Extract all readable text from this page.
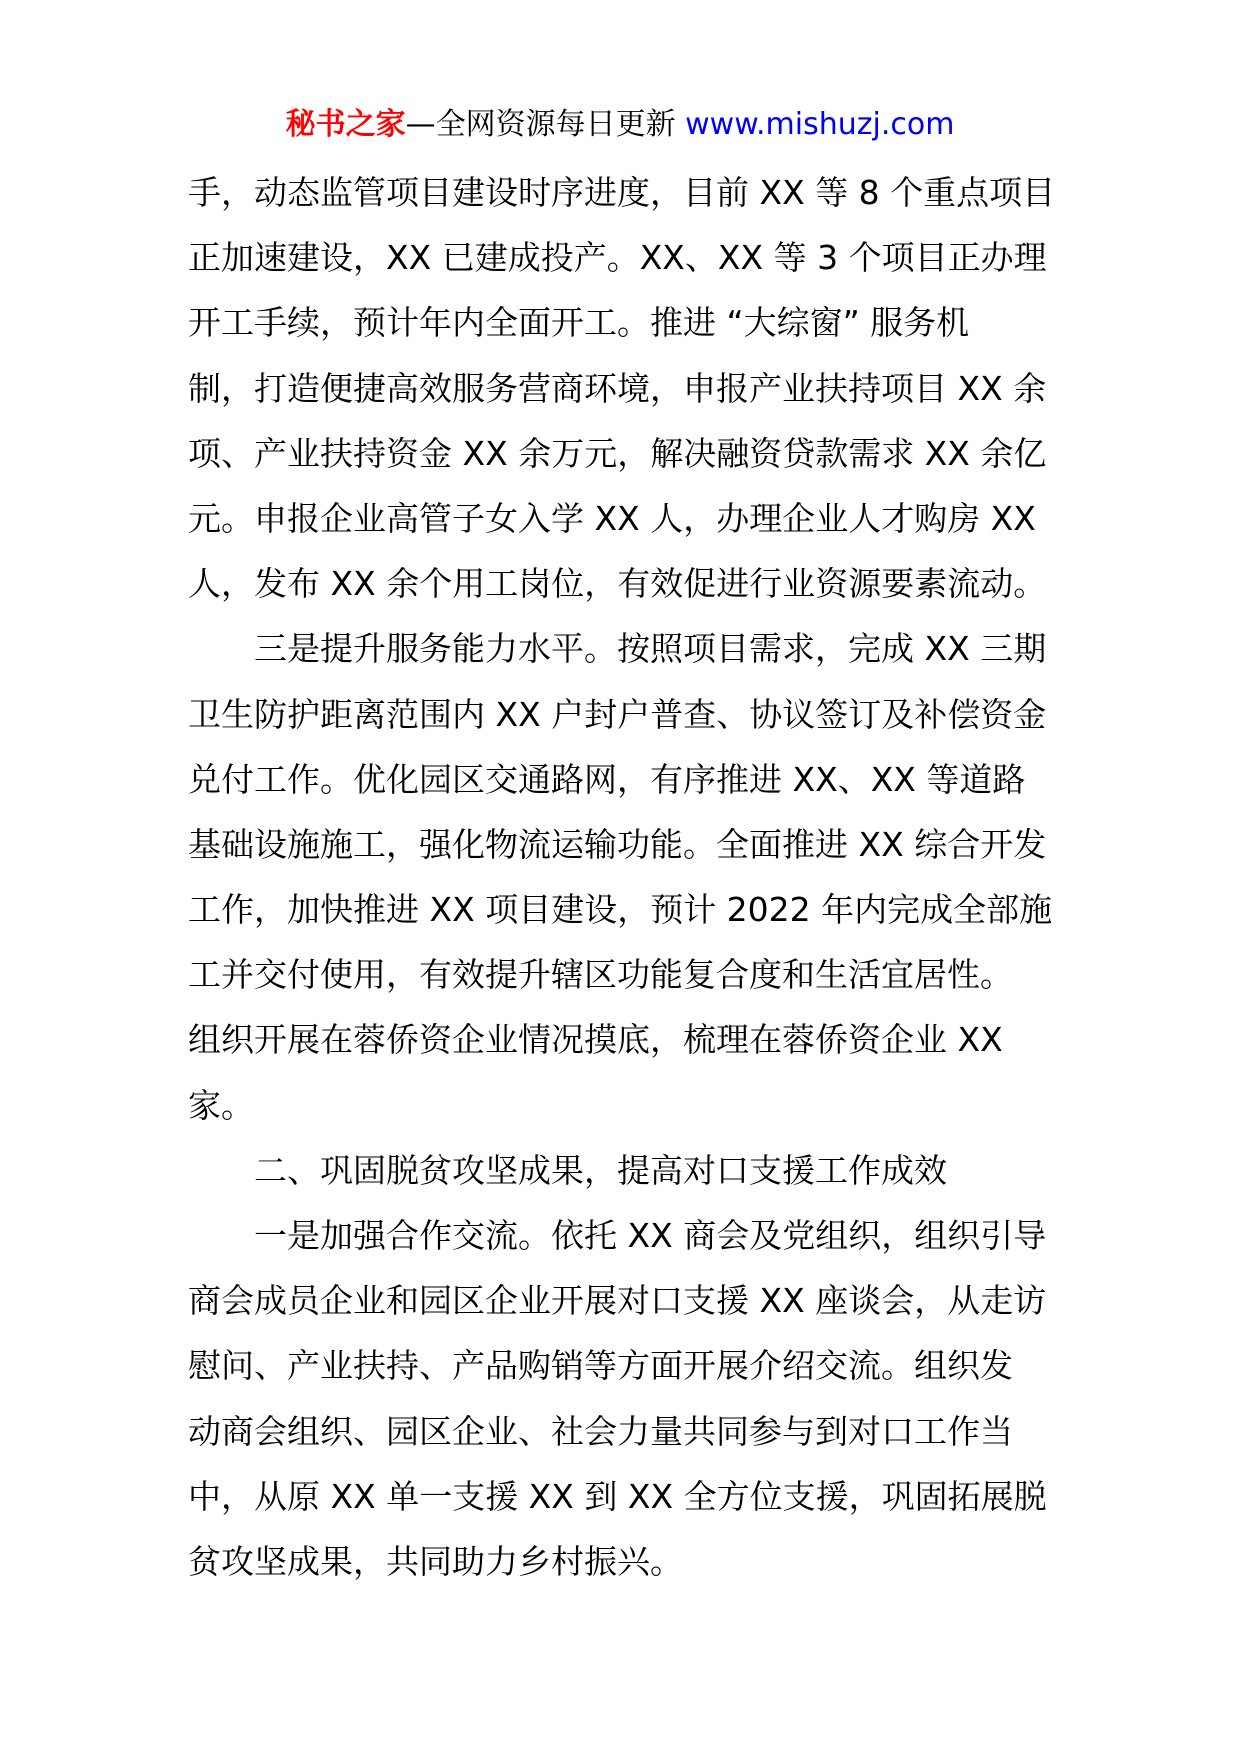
秘书之家—全网资源每日更新 www.mishuzj.com
手，动态监管项目建设时序进度，目前 XX 等 8 个重点项目
正加速建设，XX 已建成投产。XX、XX 等 3 个项目正办理
开工手续，预计年内全面开工。推进 “大综窗” 服务机
制，打造便捷高效服务营商环境，申报产业扶持项目 XX 余
项、产业扶持资金 XX 余万元，解决融资贷款需求 XX 余亿
元。申报企业高管子女入学 XX 人，办理企业人才购房 XX
人，发布 XX 余个用工岗位，有效促进行业资源要素流动。
三是提升服务能力水平。按照项目需求，完成 XX 三期
卫生防护距离范围内 XX 户封户普查、协议签订及补偿资金
兑付工作。优化园区交通路网，有序推进 XX、XX 等道路
基础设施施工，强化物流运输功能。全面推进 XX 综合开发
工作，加快推进 XX 项目建设，预计 2022 年内完成全部施
工并交付使用，有效提升辖区功能复合度和生活宜居性。
组织开展在蓉侨资企业情况摸底，梳理在蓉侨资企业 XX
家。
二、巩固脱贫攻坚成果，提高对口支援工作成效
一是加强合作交流。依托 XX 商会及党组织，组织引导
商会成员企业和园区企业开展对口支援 XX 座谈会，从走访
慰问、产业扶持、产品购销等方面开展介绍交流。组织发
动商会组织、园区企业、社会力量共同参与到对口工作当
中，从原 XX 单一支援 XX 到 XX 全方位支援，巩固拓展脱
贫攻坚成果，共同助力乡村振兴。
